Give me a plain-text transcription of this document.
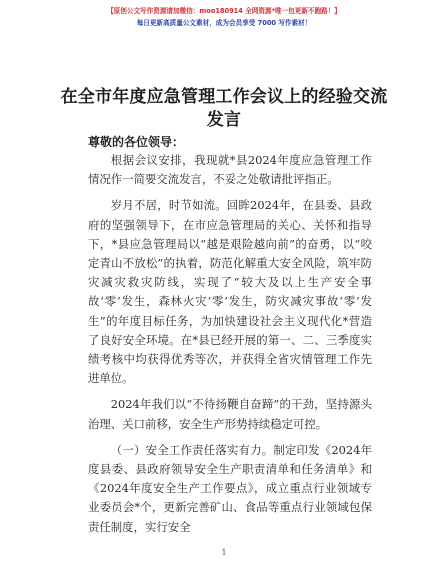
【原创公文写作资源请加微信：moo180914 全网资源*唯一包更新不跑路！】
每日更新高质量公文素材，成为会员享受 7000 写作素材！
在全市年度应急管理工作会议上的经验交流发言
尊敬的各位领导：

根据会议安排，我现就*县2024年度应急管理工作情况作一简要交流发言，不妥之处敬请批评指正。

岁月不居，时节如流。回眸2024年，在县委、县政府的坚强领导下，在市应急管理局的关心、关怀和指导下，*县应急管理局以“越是艰险越向前”的奋勇，以“咬定青山不放松”的执着，防范化解重大安全风险，筑牢防灾减灾救灾防线，实现了“较大及以上生产安全事故‘零’发生，森林火灾‘零’发生，防灾减灾事故‘零’发生”的年度目标任务，为加快建设社会主义现代化*营造了良好安全环境。在*县已经开展的第一、二、三季度实绩考核中均获得优秀等次，并获得全省灾情管理工作先进单位。

2024年我们以“不待扬鞭自奋蹄”的干劲，坚持源头治理、关口前移，安全生产形势持续稳定可控。

（一）安全工作责任落实有力。制定印发《2024年度县委、县政府领导安全生产职责清单和任务清单》和《2024年度安全生产工作要点》，成立重点行业领域专业委员会*个，更新完善矿山、食品等重点行业领域包保责任制度，实行安全

1
